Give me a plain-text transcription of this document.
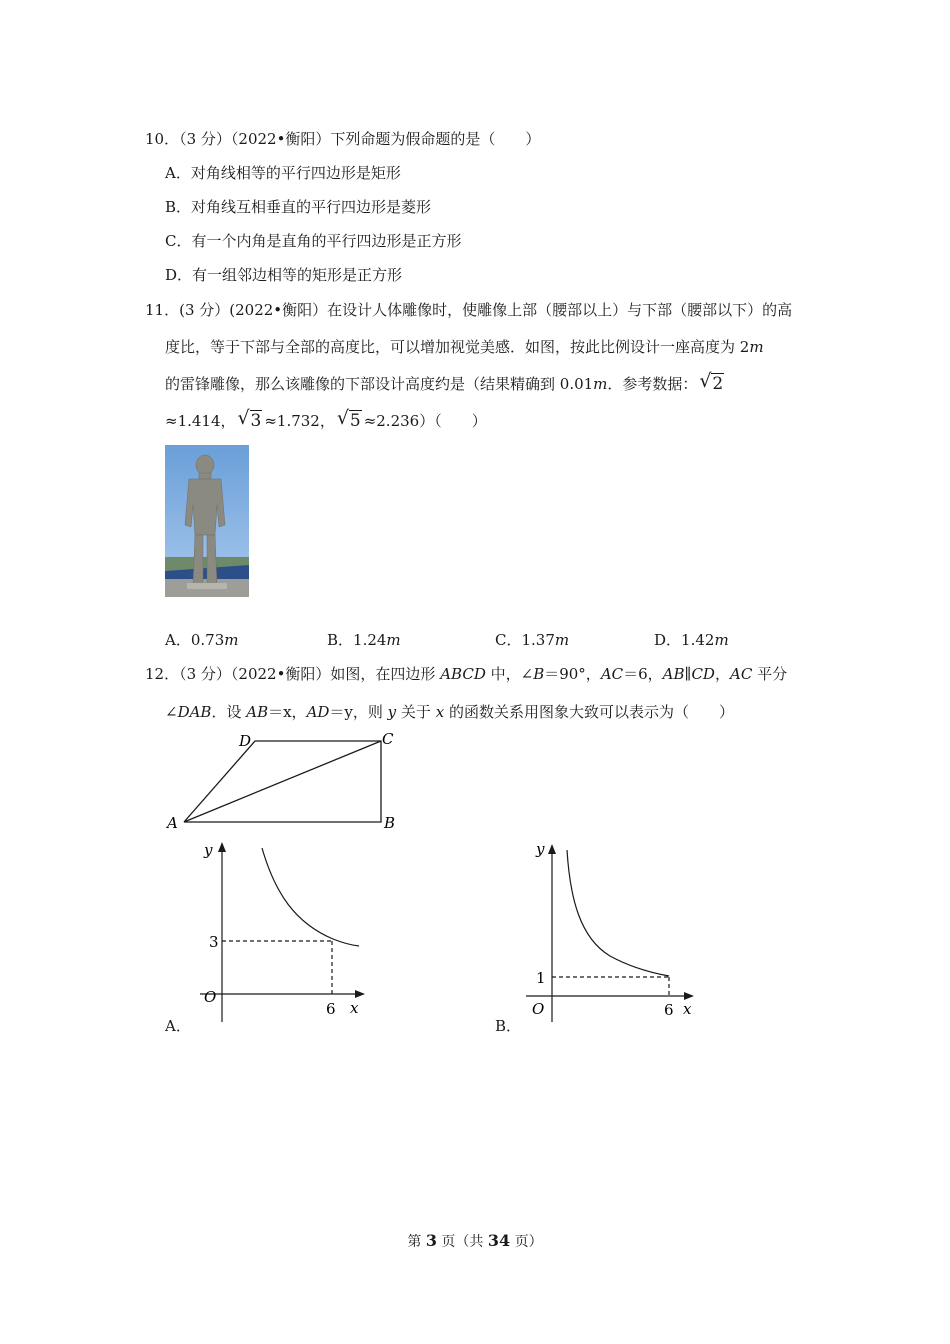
10．（3 分）（2022•衡阳）下列命题为假命题的是（　　）
A．对角线相等的平行四边形是矩形
B．对角线互相垂直的平行四边形是菱形
C．有一个内角是直角的平行四边形是正方形
D．有一组邻边相等的矩形是正方形
11．(3 分）(2022•衡阳）在设计人体雕像时，使雕像上部（腰部以上）与下部（腰部以下）的高
度比，等于下部与全部的高度比，可以增加视觉美感．如图，按此比例设计一座高度为 2m
的雷锋雕像，那么该雕像的下部设计高度约是（结果精确到 0.01m．参考数据： √ 2
≈1.414， √ 3 ≈1.732， √ 5 ≈2.236）（　　）
A．0.73m	B．1.24m	C．1.37m	D．1.42m
12．（3 分）（2022•衡阳）如图，在四边形 ABCD 中，∠B＝90°，AC＝6，AB∥CD，AC 平分
∠DAB．设 AB＝x，AD＝y，则 y 关于 x 的函数关系用图象大致可以表示为（　　）
A	B
C
D
y
x
O
6
3
A．
y
x
O	6
1
B．
第 3 页（共 34 页）
